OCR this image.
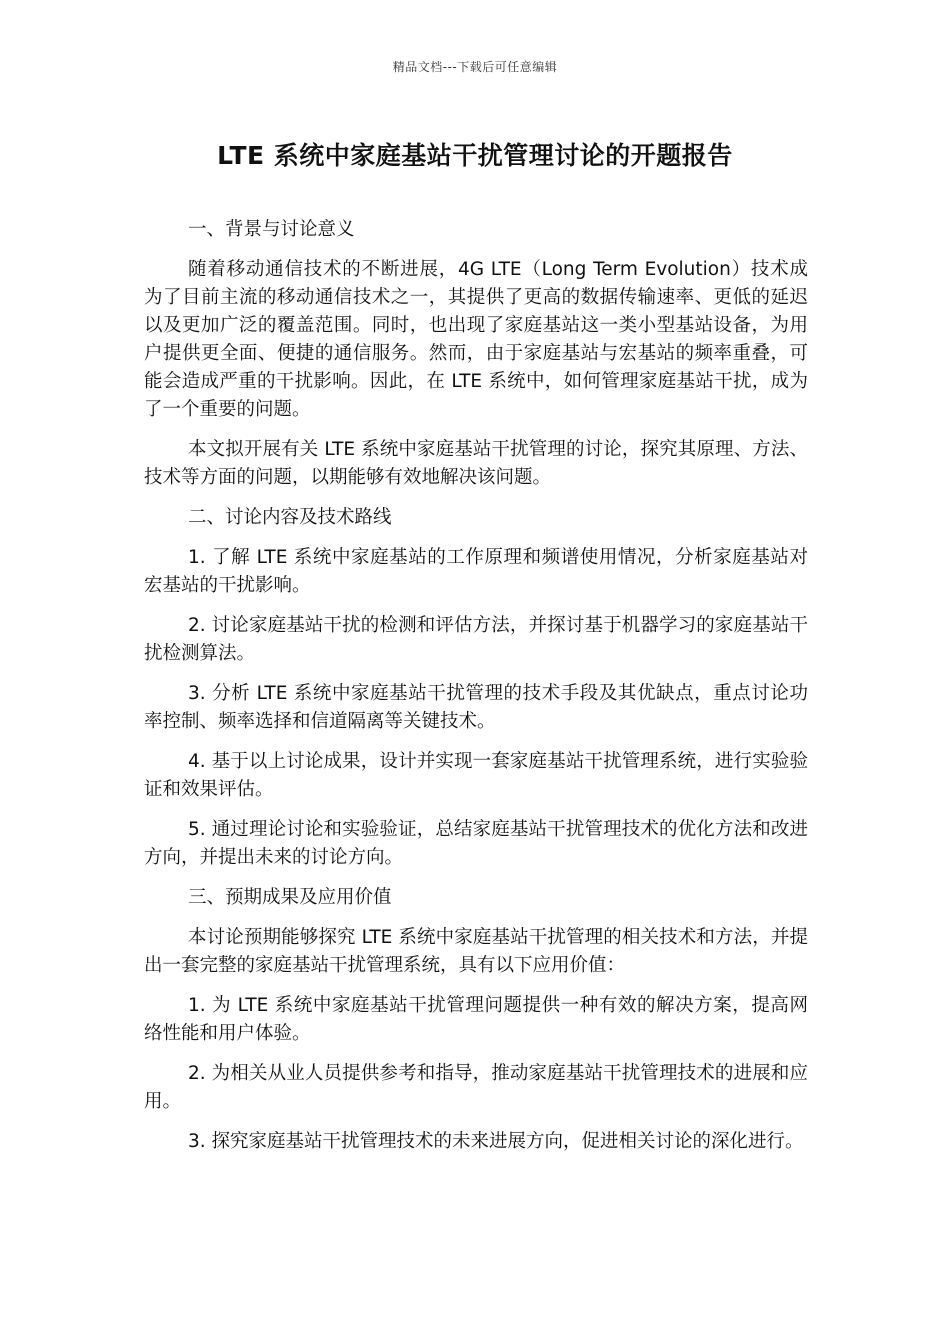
精品文档---下载后可任意编辑
LTE 系统中家庭基站干扰管理讨论的开题报告

一、背景与讨论意义

随着移动通信技术的不断进展，4G LTE（Long Term Evolution）技术成为了目前主流的移动通信技术之一，其提供了更高的数据传输速率、更低的延迟以及更加广泛的覆盖范围。同时，也出现了家庭基站这一类小型基站设备，为用户提供更全面、便捷的通信服务。然而，由于家庭基站与宏基站的频率重叠，可能会造成严重的干扰影响。因此，在 LTE 系统中，如何管理家庭基站干扰，成为了一个重要的问题。

本文拟开展有关 LTE 系统中家庭基站干扰管理的讨论，探究其原理、方法、技术等方面的问题，以期能够有效地解决该问题。

二、讨论内容及技术路线

1. 了解 LTE 系统中家庭基站的工作原理和频谱使用情况，分析家庭基站对宏基站的干扰影响。

2. 讨论家庭基站干扰的检测和评估方法，并探讨基于机器学习的家庭基站干扰检测算法。

3. 分析 LTE 系统中家庭基站干扰管理的技术手段及其优缺点，重点讨论功率控制、频率选择和信道隔离等关键技术。

4. 基于以上讨论成果，设计并实现一套家庭基站干扰管理系统，进行实验验证和效果评估。

5. 通过理论讨论和实验验证，总结家庭基站干扰管理技术的优化方法和改进方向，并提出未来的讨论方向。

三、预期成果及应用价值

本讨论预期能够探究 LTE 系统中家庭基站干扰管理的相关技术和方法，并提出一套完整的家庭基站干扰管理系统，具有以下应用价值：

1. 为 LTE 系统中家庭基站干扰管理问题提供一种有效的解决方案，提高网络性能和用户体验。

2. 为相关从业人员提供参考和指导，推动家庭基站干扰管理技术的进展和应用。

3. 探究家庭基站干扰管理技术的未来进展方向，促进相关讨论的深化进行。
